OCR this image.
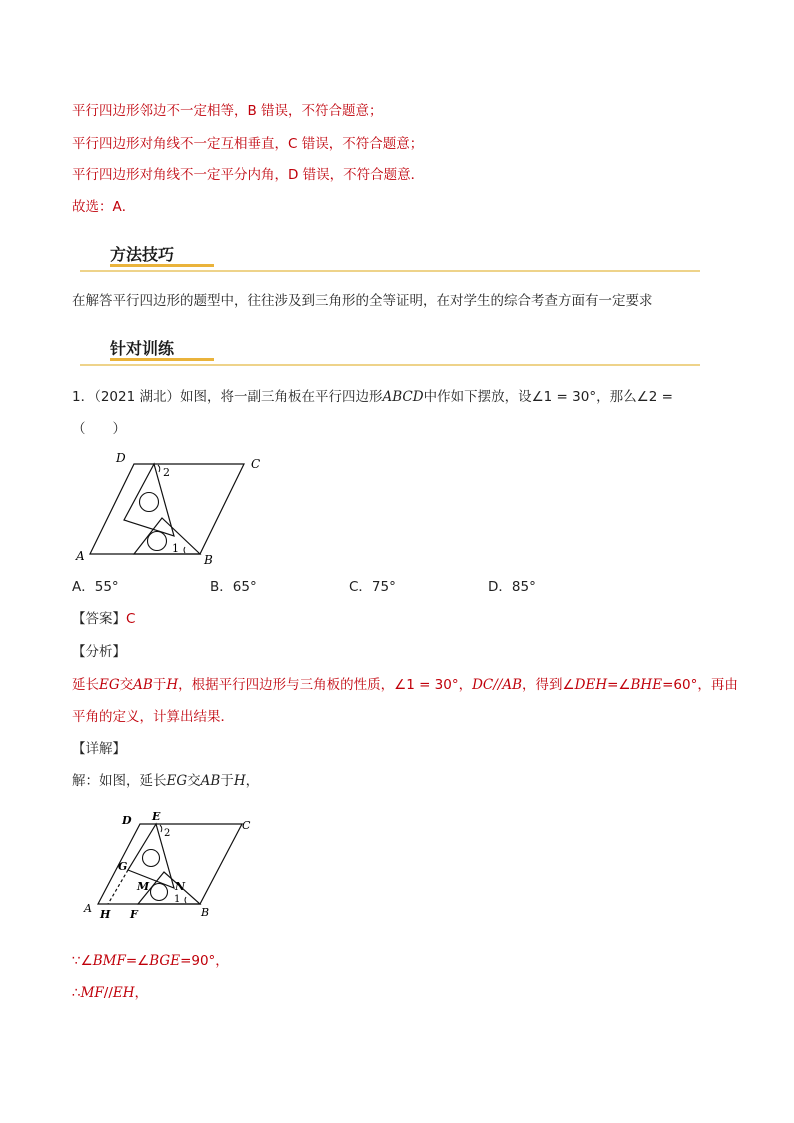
平行四边形邻边不一定相等，B 错误，不符合题意；
平行四边形对角线不一定互相垂直，C 错误，不符合题意；
平行四边形对角线不一定平分内角，D 错误，不符合题意．
故选：A．
方法技巧
在解答平行四边形的题型中，往往涉及到三角形的全等证明，在对学生的综合考查方面有一定要求
针对训练
1．（2021 湖北）如图，将一副三角板在平行四边形ABCD中作如下摆放，设∠1 = 30°，那么∠2 =
（　　）
D	C
A	B
1
2
A．55°	B．65°	C．75°	D．85°
【答案】C
【分析】
延长EG交AB于H，根据平行四边形与三角板的性质，∠1 = 30°，DC//AB，得到∠DEH=∠BHE=60°，再由
平角的定义，计算出结果．
【详解】
解：如图，延长EG交AB于H，
D E
C
G
M N
A H F	B
1
2
∵∠BMF=∠BGE=90°，
∴MF//EH，
